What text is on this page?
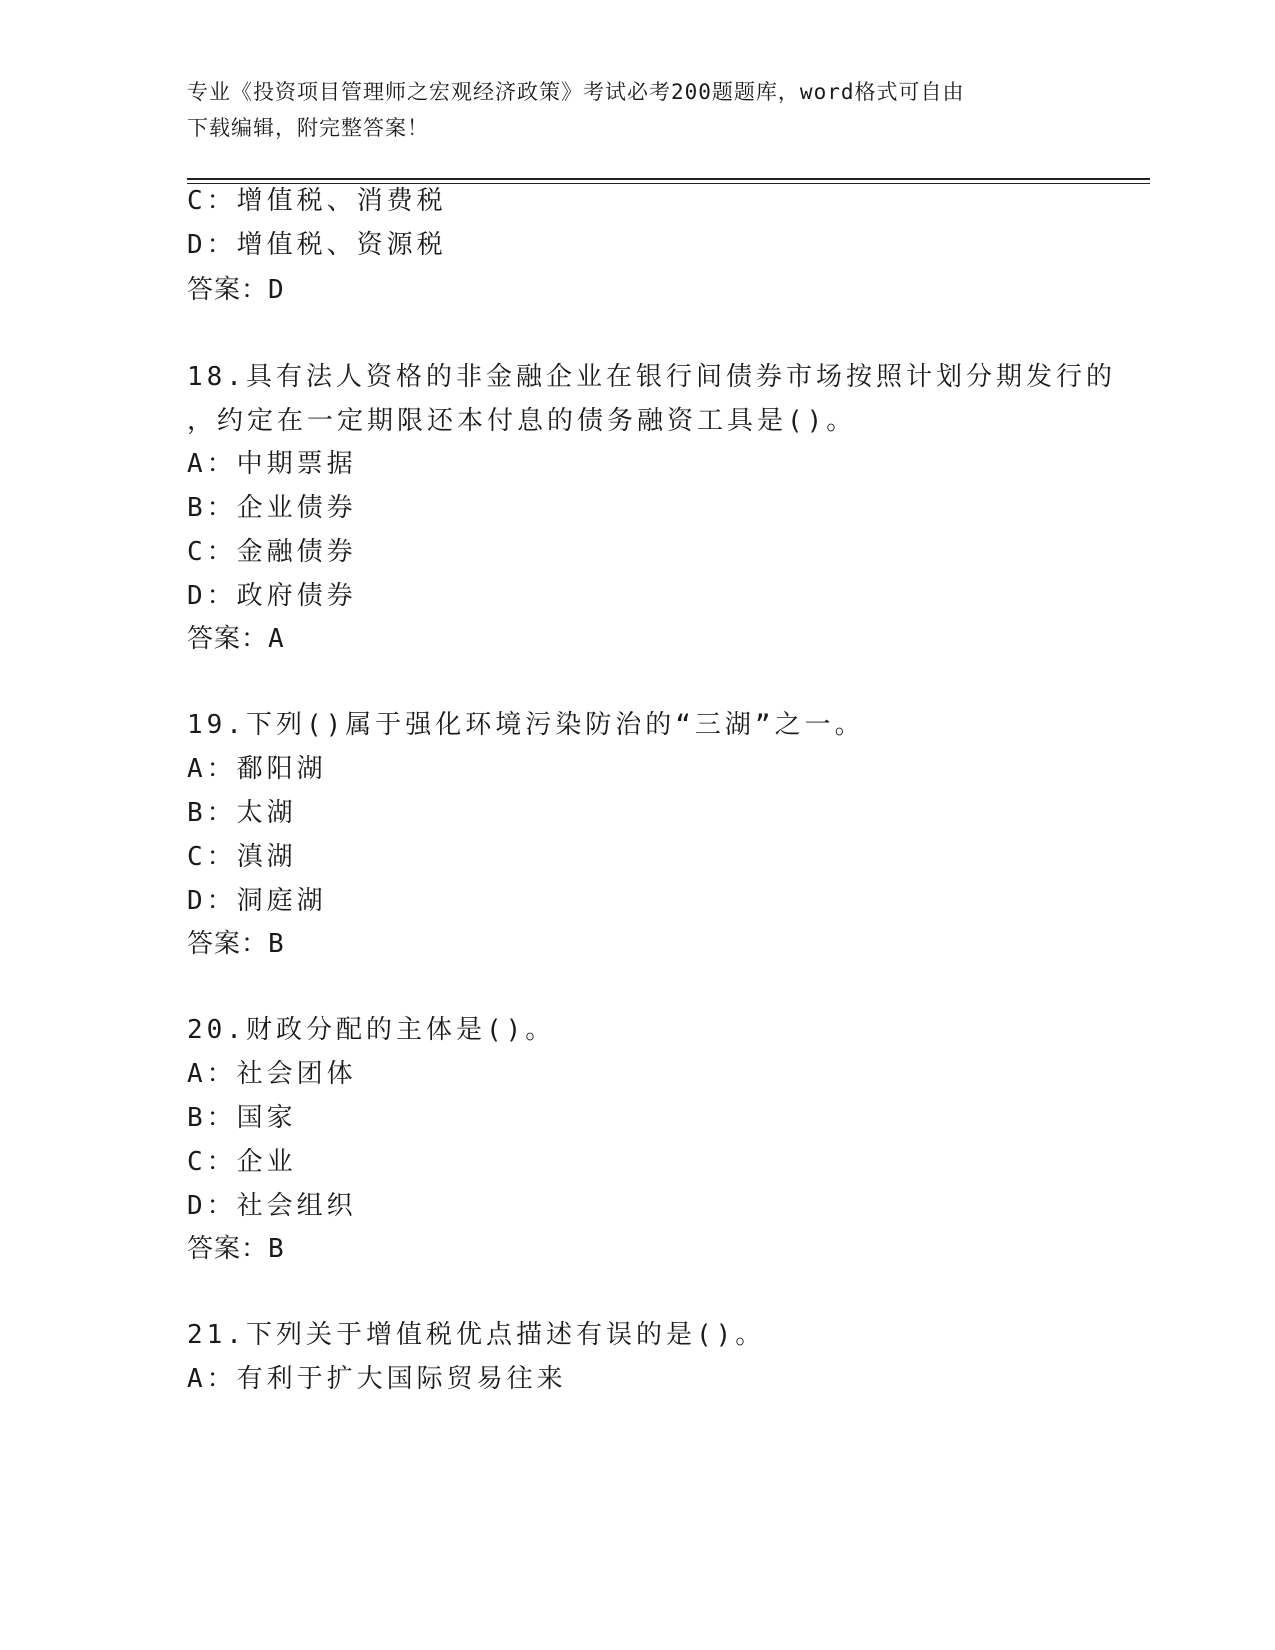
专业《投资项目管理师之宏观经济政策》考试必考200题题库，word格式可自由
下载编辑，附完整答案！
C：增值税、消费税
D：增值税、资源税
答案：D
18.具有法人资格的非金融企业在银行间债券市场按照计划分期发行的
，约定在一定期限还本付息的债务融资工具是()。
A：中期票据
B：企业债券
C：金融债券
D：政府债券
答案：A
19.下列()属于强化环境污染防治的“三湖”之一。
A：鄱阳湖
B：太湖
C：滇湖
D：洞庭湖
答案：B
20.财政分配的主体是()。
A：社会团体
B：国家
C：企业
D：社会组织
答案：B
21.下列关于增值税优点描述有误的是()。
A：有利于扩大国际贸易往来
